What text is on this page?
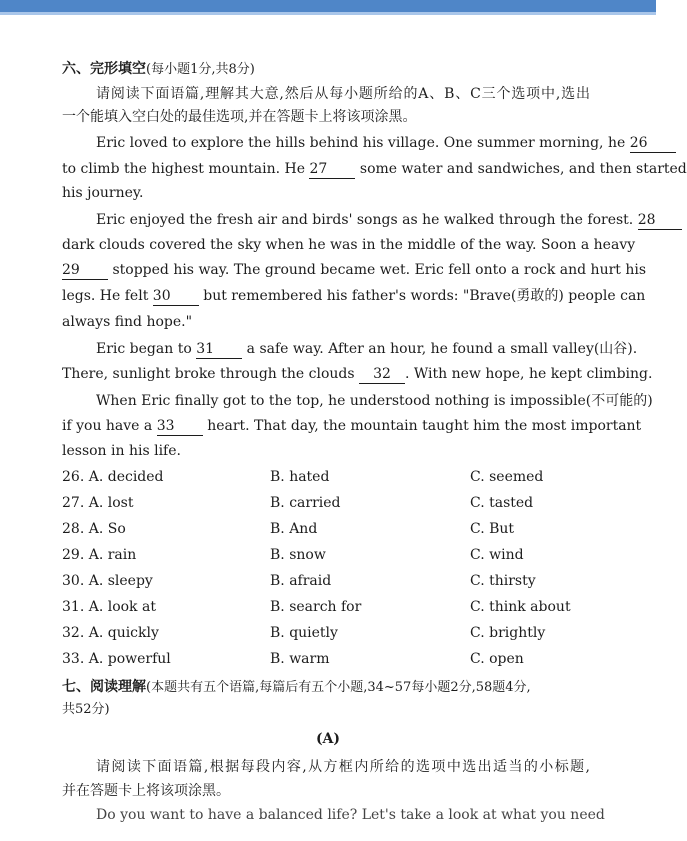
六、完形填空(每小题1分,共8分)
请阅读下面语篇,理解其大意,然后从每小题所给的A、B、C三个选项中,选出
一个能填入空白处的最佳选项,并在答题卡上将该项涂黑。
Eric loved to explore the hills behind his village. One summer morning, he 26
to climb the highest mountain. He 27 some water and sandwiches, and then started
his journey.
Eric enjoyed the fresh air and birds' songs as he walked through the forest. 28
dark clouds covered the sky when he was in the middle of the way. Soon a heavy
29 stopped his way. The ground became wet. Eric fell onto a rock and hurt his
legs. He felt 30 but remembered his father's words: "Brave(勇敢的) people can
always find hope."
Eric began to 31 a safe way. After an hour, he found a small valley(山谷).
There, sunlight broke through the clouds 32 . With new hope, he kept climbing.
When Eric finally got to the top, he understood nothing is impossible(不可能的)
if you have a 33 heart. That day, the mountain taught him the most important
lesson in his life.
26. A. decided	B. hated	C. seemed
27. A. lost	B. carried	C. tasted
28. A. So	B. And	C. But
29. A. rain	B. snow	C. wind
30. A. sleepy	B. afraid	C. thirsty
31. A. look at	B. search for	C. think about
32. A. quickly	B. quietly	C. brightly
33. A. powerful	B. warm	C. open
七、阅读理解(本题共有五个语篇,每篇后有五个小题,34~57每小题2分,58题4分,
共52分)
(A)
请阅读下面语篇,根据每段内容,从方框内所给的选项中选出适当的小标题,
并在答题卡上将该项涂黑。
Do you want to have a balanced life? Let's take a look at what you need
